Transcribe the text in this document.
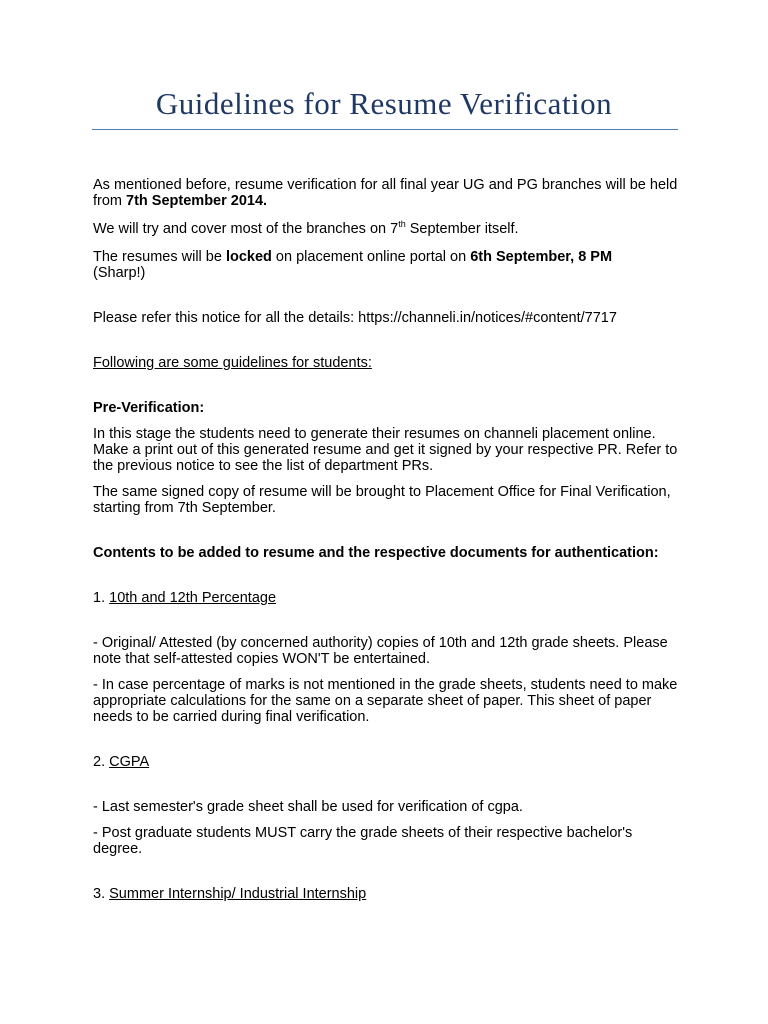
Guidelines for Resume Verification

As mentioned before, resume verification for all final year UG and PG branches will be held from 7th September 2014.

We will try and cover most of the branches on 7th September itself.

The resumes will be locked on placement online portal on 6th September, 8 PM
(Sharp!)

Please refer this notice for all the details: https://channeli.in/notices/#content/7717

Following are some guidelines for students:

Pre-Verification:

In this stage the students need to generate their resumes on channeli placement online. Make a print out of this generated resume and get it signed by your respective PR. Refer to the previous notice to see the list of department PRs.

The same signed copy of resume will be brought to Placement Office for Final Verification, starting from 7th September.

Contents to be added to resume and the respective documents for authentication:

1. 10th and 12th Percentage

- Original/ Attested (by concerned authority) copies of 10th and 12th grade sheets. Please note that self-attested copies WON'T be entertained.

- In case percentage of marks is not mentioned in the grade sheets, students need to make appropriate calculations for the same on a separate sheet of paper. This sheet of paper needs to be carried during final verification.

2. CGPA

- Last semester's grade sheet shall be used for verification of cgpa.

- Post graduate students MUST carry the grade sheets of their respective bachelor's degree.

3. Summer Internship/ Industrial Internship
